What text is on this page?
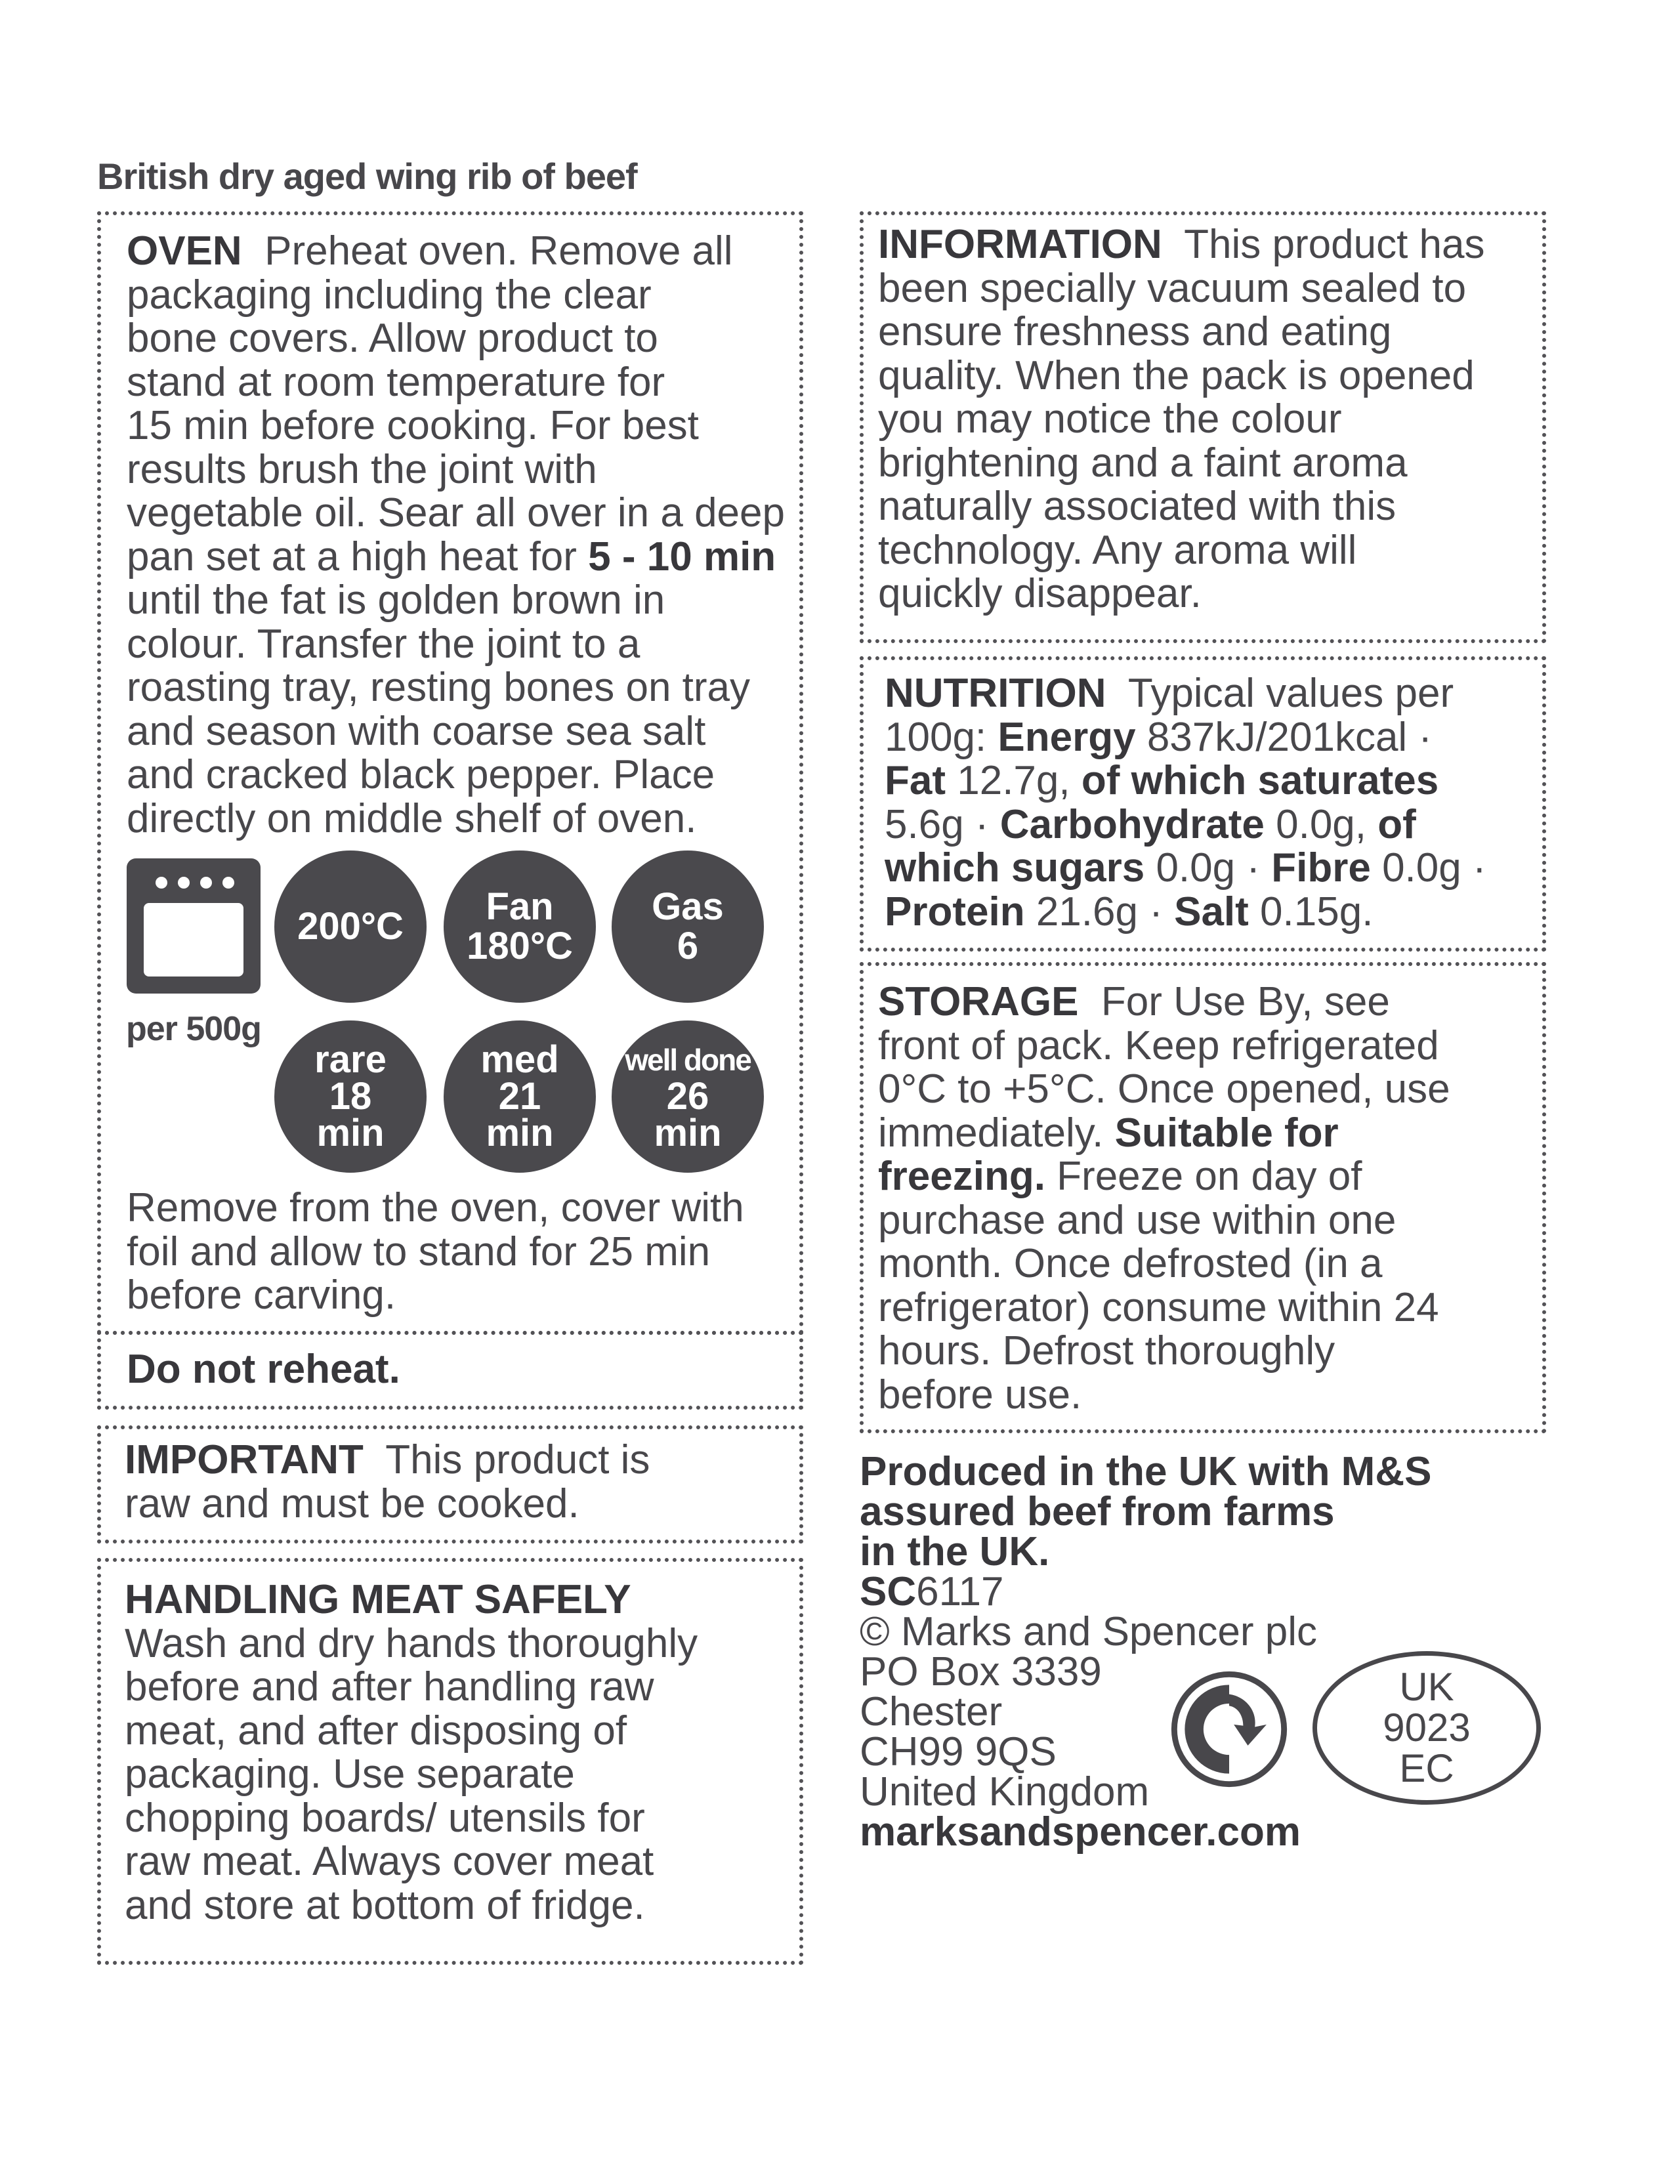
British dry aged wing rib of beef
OVEN Preheat oven. Remove all
packaging including the clear
bone covers. Allow product to
stand at room temperature for
15 min before cooking. For best
results brush the joint with
vegetable oil. Sear all over in a deep
pan set at a high heat for 5 - 10 min
until the fat is golden brown in
colour. Transfer the joint to a
roasting tray, resting bones on tray
and season with coarse sea salt
and cracked black pepper. Place
directly on middle shelf of oven.
per 500g
200°C Fan
180°C
Gas
6
rare
18
min
med
21
min
well done
26
min
Remove from the oven, cover with
foil and allow to stand for 25 min
before carving.
Do not reheat.
IMPORTANT This product is
raw and must be cooked.
HANDLING MEAT SAFELY
Wash and dry hands thoroughly
before and after handling raw
meat, and after disposing of
packaging. Use separate
chopping boards/ utensils for
raw meat. Always cover meat
and store at bottom of fridge.
INFORMATION This product has
been specially vacuum sealed to
ensure freshness and eating
quality. When the pack is opened
you may notice the colour
brightening and a faint aroma
naturally associated with this
technology. Any aroma will
quickly disappear.
NUTRITION Typical values per
100g: Energy 837kJ/201kcal ·
Fat 12.7g, of which saturates
5.6g · Carbohydrate 0.0g, of
which sugars 0.0g · Fibre 0.0g ·
Protein 21.6g · Salt 0.15g.
STORAGE For Use By, see
front of pack. Keep refrigerated
0°C to +5°C. Once opened, use
immediately. Suitable for
freezing. Freeze on day of
purchase and use within one
month. Once defrosted (in a
refrigerator) consume within 24
hours. Defrost thoroughly
before use.
Produced in the UK with M&S
assured beef from farms
in the UK.
SC6117
© Marks and Spencer plc
PO Box 3339
Chester
CH99 9QS
United Kingdom
marksandspencer.com
UK
9023
EC
